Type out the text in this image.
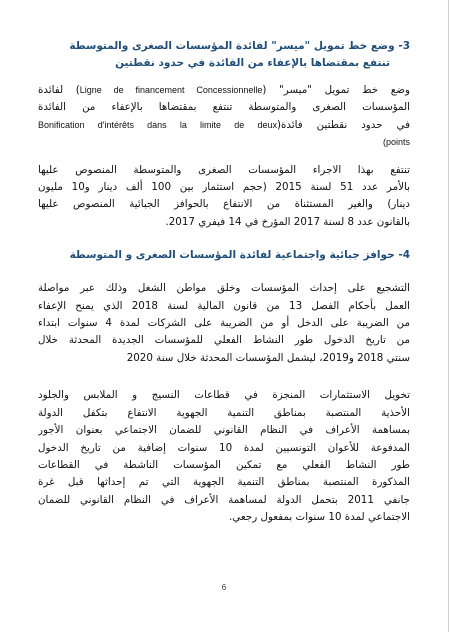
3- وضع خط تمويل "ميسر" لفائدة المؤسسات الصغرى والمتوسطة
تنتفع بمقتضاها بالإعفاء من الفائدة في حدود نقطتين
وضع خط تمويل "ميسر" (Ligne de financement Concessionnelle) لفائدة
المؤسسات الصغرى والمتوسطة تنتفع بمقتضاها بالإعفاء من الفائدة
في حدود نقطتين فائدة(Bonification d'intérêts dans la limite de deux
(points
تنتفع بهذا الاجراء المؤسسات الصغرى والمتوسطة المنصوص عليها
بالأمر عدد 51 لسنة 2015 (حجم استثمار بين 100 ألف دينار و10 مليون
دينار) والغير المستثناة من الانتفاع بالحوافز الجبائية المنصوص عليها
بالقانون عدد 8 لسنة 2017 المؤرخ في 14 فيفري 2017.
4- حوافز جبائية واجتماعية لفائدة المؤسسات الصغرى و المتوسطة
التشجيع على إحداث المؤسسات وخلق مواطن الشغل وذلك عبر مواصلة
العمل بأحكام الفصل 13 من قانون المالية لسنة 2018 الذي يمنح الإعفاء
من الضريبة على الدخل أو من الضريبة على الشركات لمدة 4 سنوات ابتداء
من تاريخ الدخول طور النشاط الفعلي للمؤسسات الجديدة المحدثة خلال
سنتي 2018 و2019، ليشمل المؤسسات المحدثة خلال سنة 2020
تخويل الاستثمارات المنجزة في قطاعات النسيج و الملابس والجلود
الأحذية المنتصبة بمناطق التنمية الجهوية الانتفاع بتكفل الدولة
بمساهمة الأعراف في النظام القانوني للضمان الاجتماعي بعنوان الأجور
المدفوعة للأعوان التونسيين لمدة 10 سنوات إضافية من تاريخ الدخول
طور النشاط الفعلي مع تمكين المؤسسات الناشطة في القطاعات
المذكورة المنتصبة بمناطق التنمية الجهوية التي تم إحداثها قبل غرة
جانفي 2011 بتحمل الدولة لمساهمة الأعراف في النظام القانوني للضمان
الاجتماعي لمدة 10 سنوات بمفعول رجعي.
6
